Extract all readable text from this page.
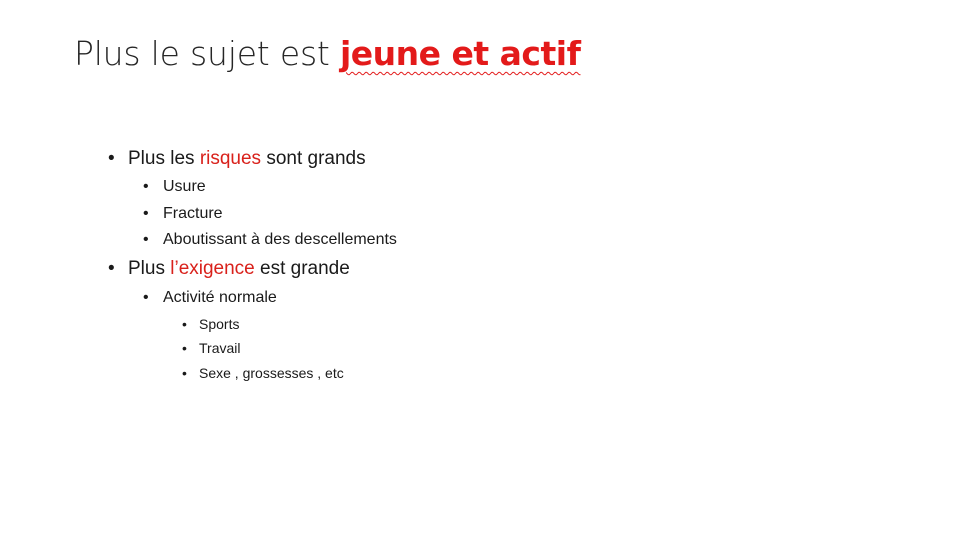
Plus le sujet est jeune et actif
• Plus les risques sont grands
• Usure
• Fracture
• Aboutissant à des descellements
• Plus l’exigence est grande
• Activité normale
• Sports
• Travail
• Sexe , grossesses , etc
